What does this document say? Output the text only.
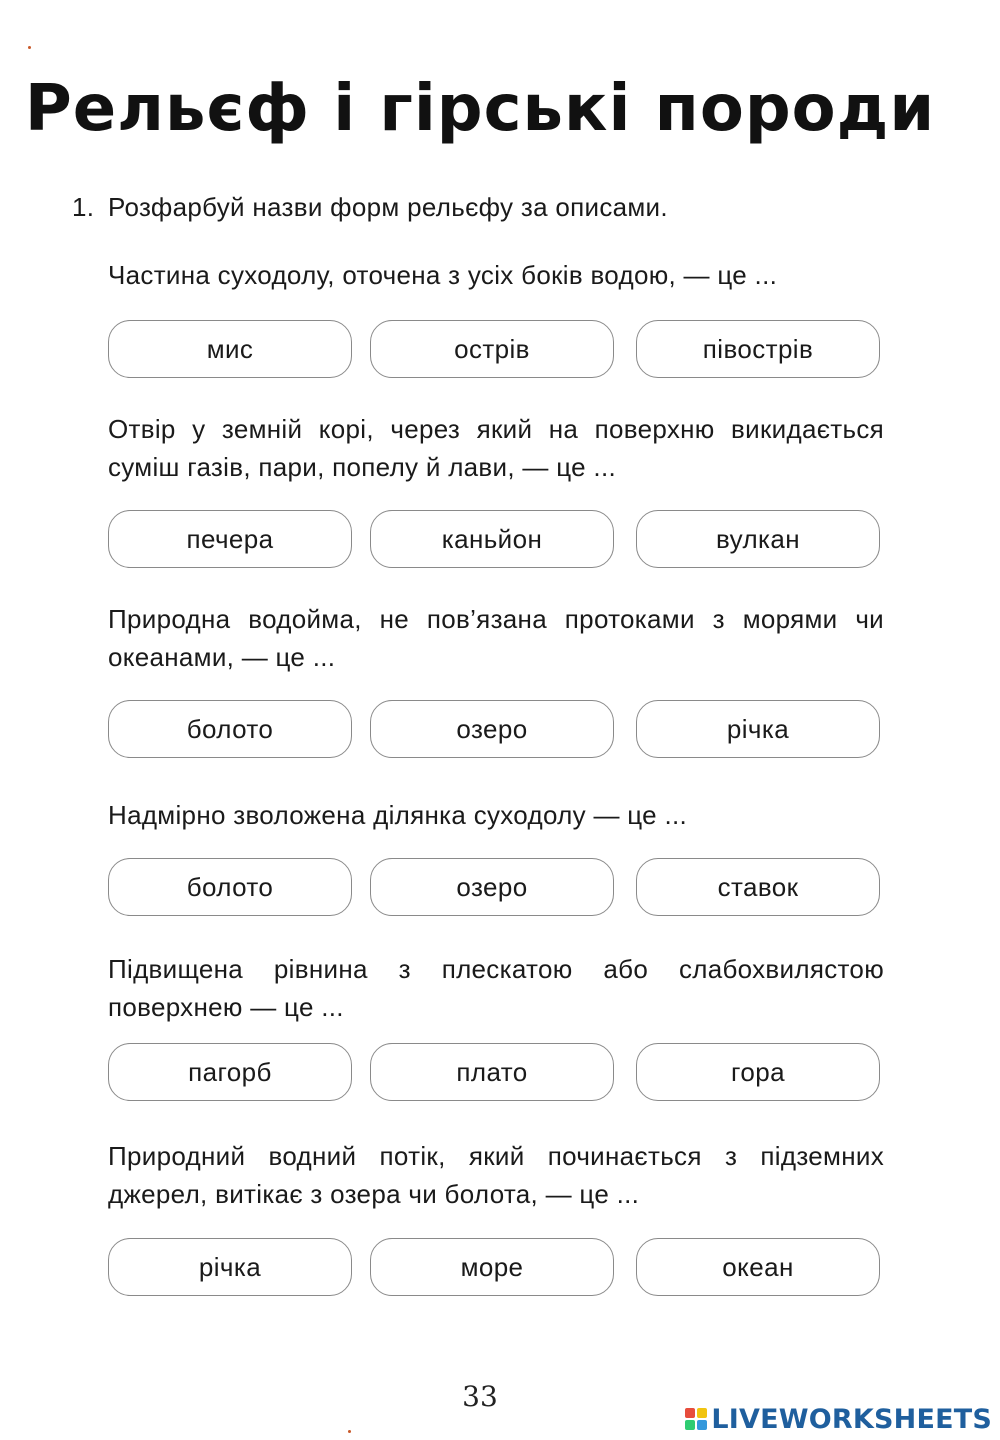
Рельєф і гірські породи
1. Розфарбуй назви форм рельєфу за описами.
Частина суходолу, оточена з усіх боків водою, — це ...
мис	острів	півострів
Отвір у земній корі, через який на поверхню викидається суміш газів, пари, попелу й лави, — це ...
печера	каньйон	вулкан
Природна водойма, не пов’язана протоками з морями чи океанами, — це ...
болото	озеро	річка
Надмірно зволожена ділянка суходолу — це ...
болото	озеро	ставок
Підвищена рівнина з плескатою або слабохвилястою поверхнею — це ...
пагорб	плато	гора
Природний водний потік, який починається з підземних джерел, витікає з озера чи болота, — це ...
річка	море	океан
33
LIVEWORKSHEETS
